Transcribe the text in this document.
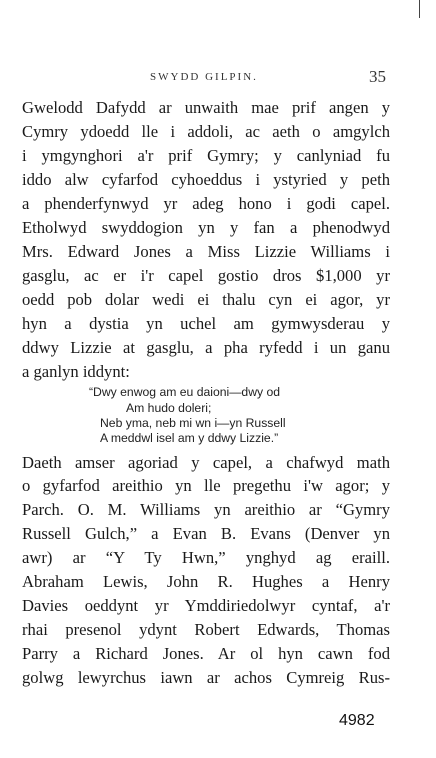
SWYDD GILPIN.	35
Gwelodd Dafydd ar unwaith mae prif angen y
Cymry ydoedd lle i addoli, ac aeth o amgylch
i ymgynghori a'r prif Gymry; y canlyniad fu
iddo alw cyfarfod cyhoeddus i ystyried y peth
a phenderfynwyd yr adeg hono i godi capel.
Etholwyd swyddogion yn y fan a phenodwyd
Mrs. Edward Jones a Miss Lizzie Williams i
gasglu, ac er i'r capel gostio dros $1,000 yr
oedd pob dolar wedi ei thalu cyn ei agor, yr
hyn a dystia yn uchel am gymwysderau y
ddwy Lizzie at gasglu, a pha ryfedd i un ganu
a ganlyn iddynt:
“Dwy enwog am eu daioni—dwy od
Am hudo doleri;
Neb yma, neb mi wn i—yn Russell
A meddwl isel am y ddwy Lizzie.”
Daeth amser agoriad y capel, a chafwyd math
o gyfarfod areithio yn lle pregethu i'w agor; y
Parch. O. M. Williams yn areithio ar “Gymry
Russell Gulch,” a Evan B. Evans (Denver yn
awr) ar “Y Ty Hwn,” ynghyd ag eraill.
Abraham Lewis, John R. Hughes a Henry
Davies oeddynt yr Ymddiriedolwyr cyntaf, a'r
rhai presenol ydynt Robert Edwards, Thomas
Parry a Richard Jones. Ar ol hyn cawn fod
golwg lewyrchus iawn ar achos Cymreig Rus-
4982
